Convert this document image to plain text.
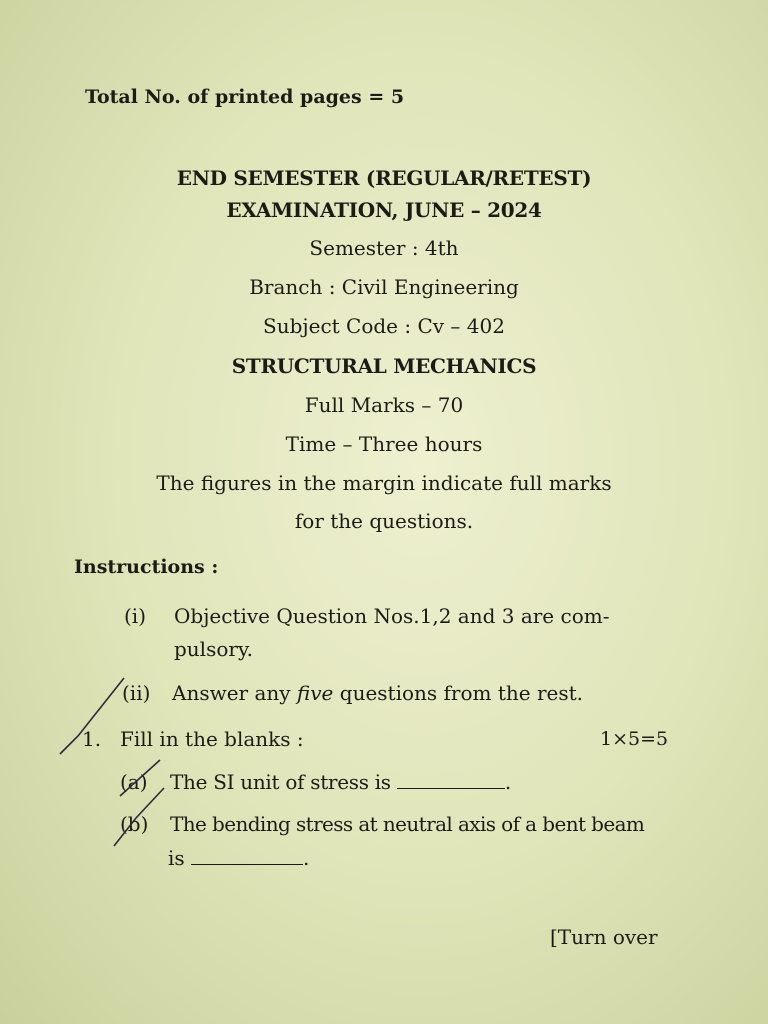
Total No. of printed pages = 5
END SEMESTER (REGULAR/RETEST)
EXAMINATION, JUNE – 2024
Semester : 4th
Branch : Civil Engineering
Subject Code : Cv – 402
STRUCTURAL MECHANICS
Full Marks – 70
Time – Three hours
The figures in the margin indicate full marks
for the questions.
Instructions :
(i) Objective Question Nos.1,2 and 3 are com-
pulsory.
(ii) Answer any five questions from the rest.
1. Fill in the blanks :	1×5=5
(a) The SI unit of stress is	.
(b) The bending stress at neutral axis of a bent beam
is	.
[Turn over
